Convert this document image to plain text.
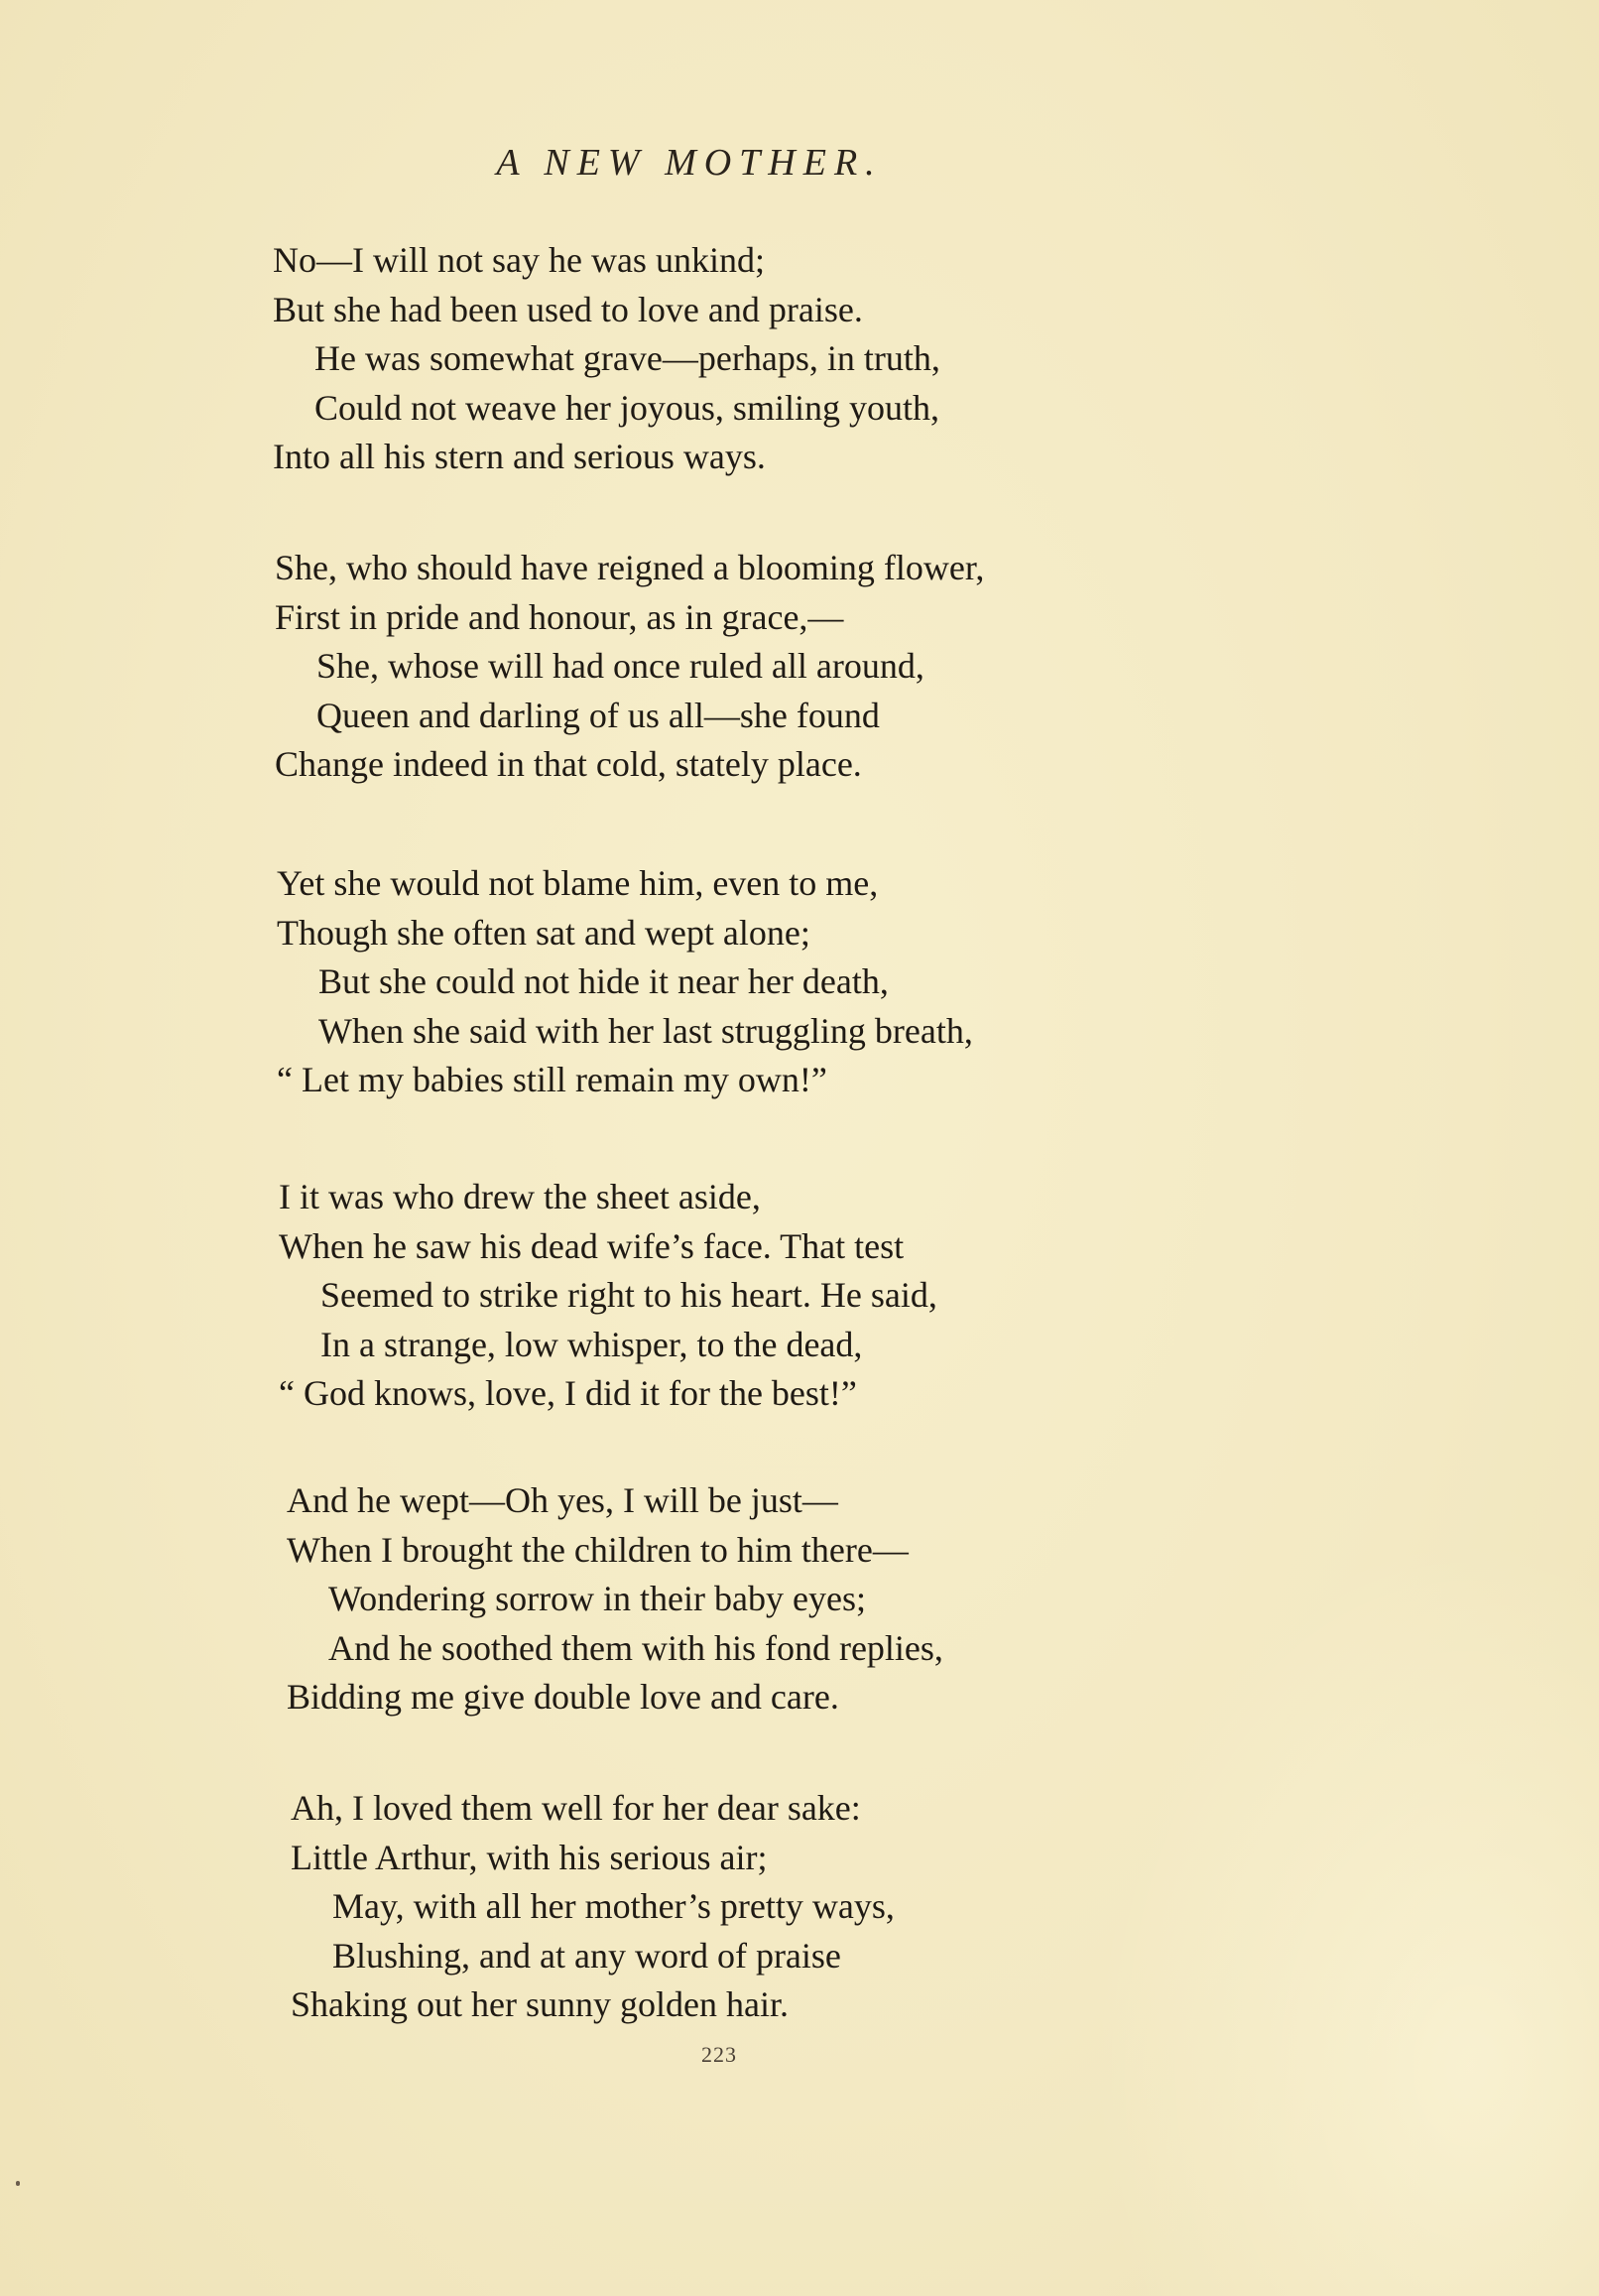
A NEW MOTHER.
No—I will not say he was unkind;
But she had been used to love and praise.
He was somewhat grave—perhaps, in truth,
Could not weave her joyous, smiling youth,
Into all his stern and serious ways.
She, who should have reigned a blooming flower,
First in pride and honour, as in grace,—
She, whose will had once ruled all around,
Queen and darling of us all—she found
Change indeed in that cold, stately place.
Yet she would not blame him, even to me,
Though she often sat and wept alone;
But she could not hide it near her death,
When she said with her last struggling breath,
“ Let my babies still remain my own!”
I it was who drew the sheet aside,
When he saw his dead wife’s face. That test
Seemed to strike right to his heart. He said,
In a strange, low whisper, to the dead,
“ God knows, love, I did it for the best!”
And he wept—Oh yes, I will be just—
When I brought the children to him there—
Wondering sorrow in their baby eyes;
And he soothed them with his fond replies,
Bidding me give double love and care.
Ah, I loved them well for her dear sake:
Little Arthur, with his serious air;
May, with all her mother’s pretty ways,
Blushing, and at any word of praise
Shaking out her sunny golden hair.
223
